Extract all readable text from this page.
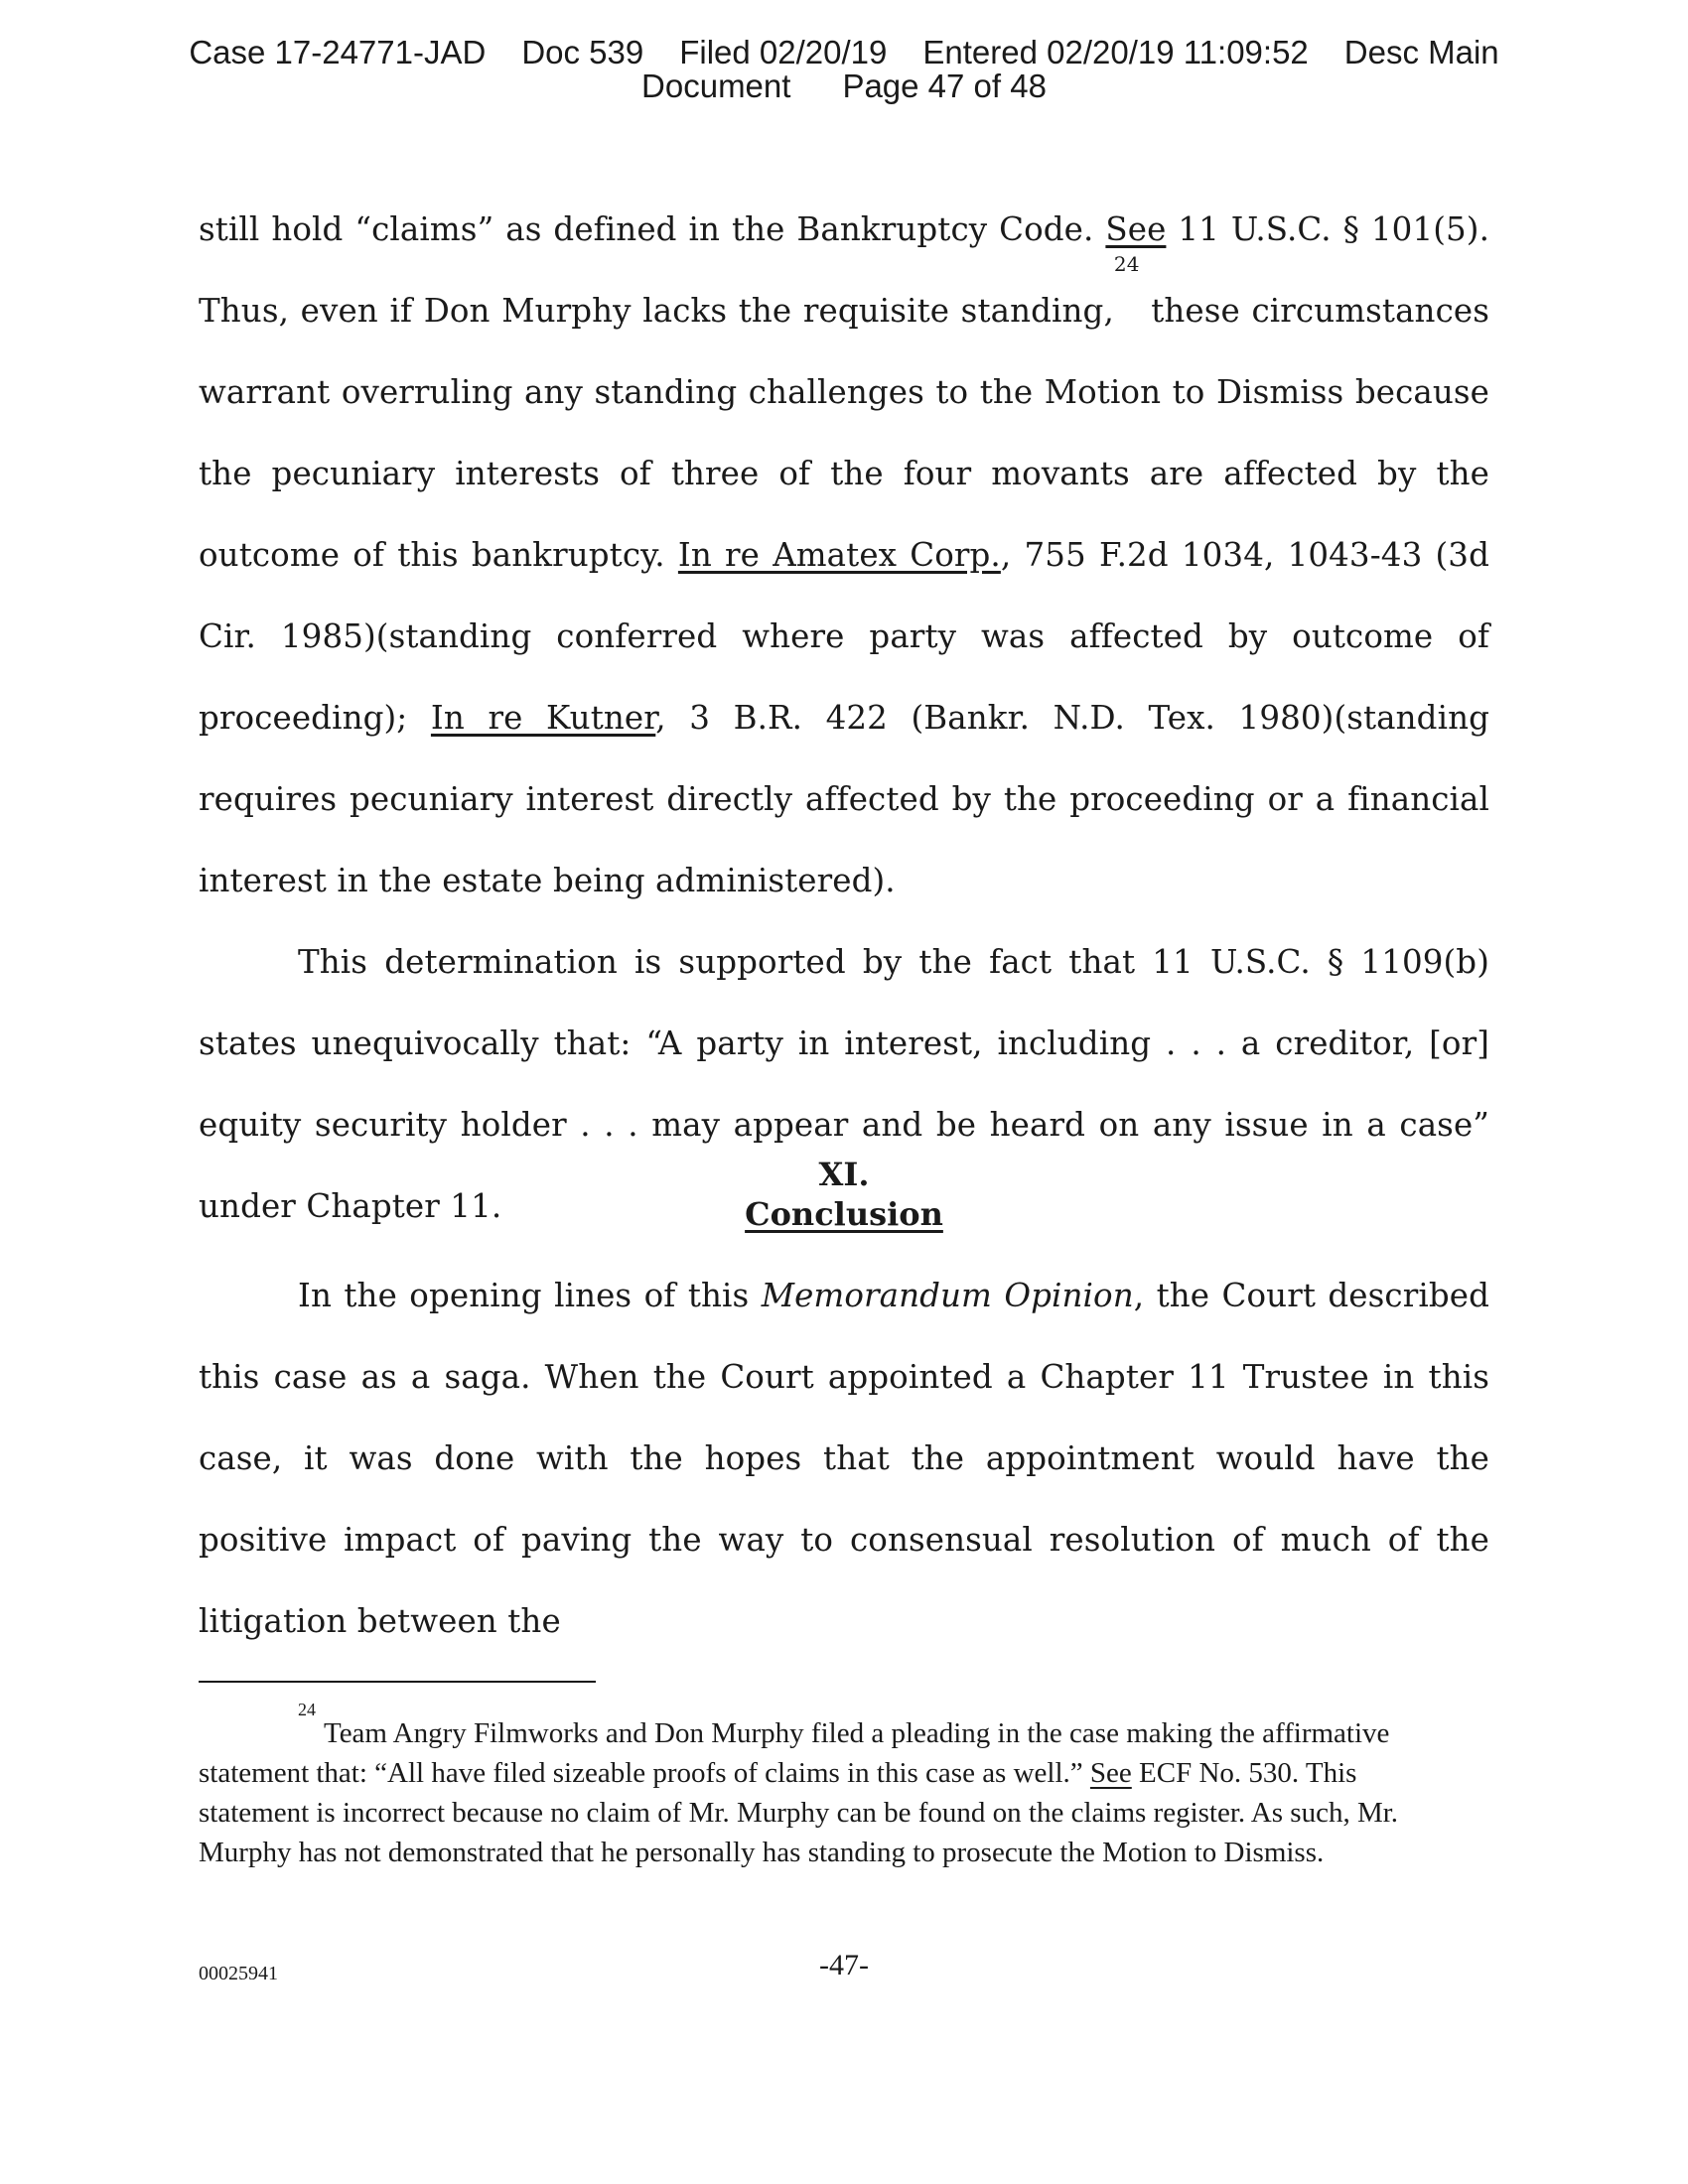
Case 17-24771-JAD Doc 539 Filed 02/20/19 Entered 02/20/19 11:09:52 Desc Main
Document Page 47 of 48

still hold “claims” as defined in the Bankruptcy Code. See 11 U.S.C. § 101(5). Thus, even if Don Murphy lacks the requisite standing,$^{24}$ these circumstances warrant overruling any standing challenges to the Motion to Dismiss because the pecuniary interests of three of the four movants are affected by the outcome of this bankruptcy. In re Amatex Corp., 755 F.2d 1034, 1043-43 (3d Cir. 1985)(standing conferred where party was affected by outcome of proceeding); In re Kutner, 3 B.R. 422 (Bankr. N.D. Tex. 1980)(standing requires pecuniary interest directly affected by the proceeding or a financial interest in the estate being administered).

This determination is supported by the fact that 11 U.S.C. § 1109(b) states unequivocally that: “A party in interest, including . . . a creditor, [or] equity security holder . . . may appear and be heard on any issue in a case” under Chapter 11.

XI.
Conclusion

In the opening lines of this Memorandum Opinion, the Court described this case as a saga. When the Court appointed a Chapter 11 Trustee in this case, it was done with the hopes that the appointment would have the positive impact of paving the way to consensual resolution of much of the litigation between the

$^{24}$Team Angry Filmworks and Don Murphy filed a pleading in the case making the affirmative statement that: “All have filed sizeable proofs of claims in this case as well.” See ECF No. 530. This statement is incorrect because no claim of Mr. Murphy can be found on the claims register. As such, Mr. Murphy has not demonstrated that he personally has standing to prosecute the Motion to Dismiss.

00025941	-47-
